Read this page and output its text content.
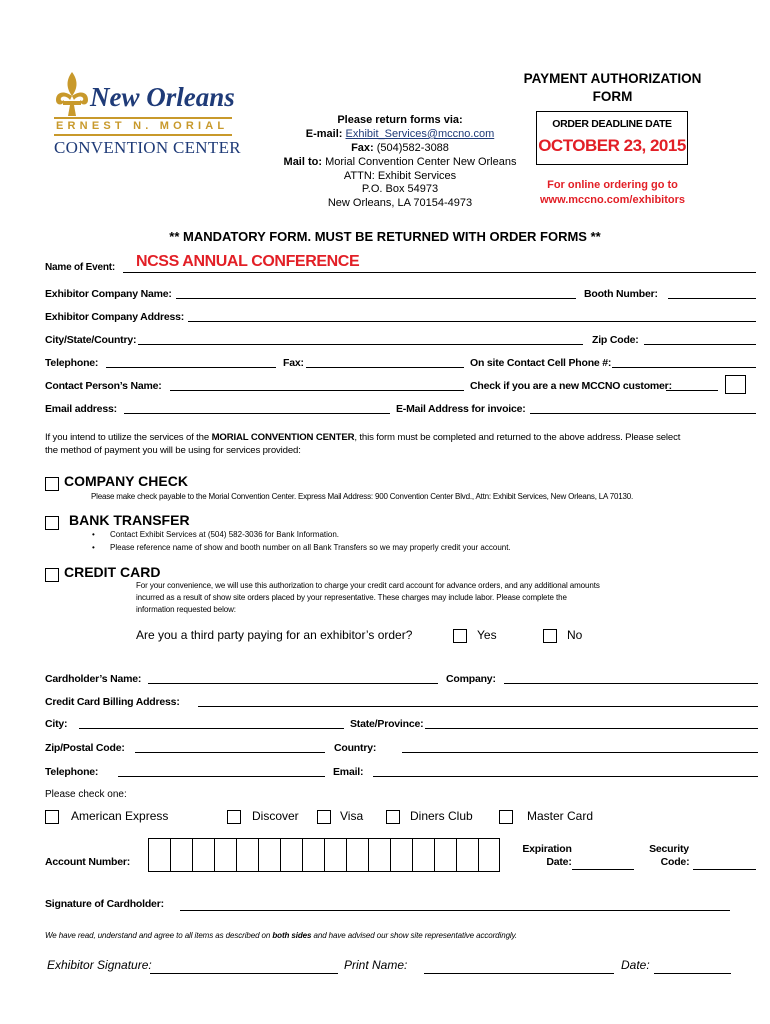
New Orleans
ERNEST N. MORIAL
CONVENTION CENTER
Please return forms via:
E-mail: Exhibit_Services@mccno.com
Fax: (504)582-3088
Mail to: Morial Convention Center New Orleans
ATTN: Exhibit Services
P.O. Box 54973
New Orleans, LA 70154-4973
PAYMENT AUTHORIZATION
FORM
ORDER DEADLINE DATE
OCTOBER 23, 2015
For online ordering go to
www.mccno.com/exhibitors
** MANDATORY FORM. MUST BE RETURNED WITH ORDER FORMS **
Name of Event: NCSS ANNUAL CONFERENCE
Exhibitor Company Name:	Booth Number:
Exhibitor Company Address:
City/State/Country:	Zip Code:
Telephone:	Fax:	On site Contact Cell Phone #:
Contact Person’s Name:	Check if you are a new MCCNO customer:
Email address:	E-Mail Address for invoice:
If you intend to utilize the services of the MORIAL CONVENTION CENTER, this form must be completed and returned to the above address. Please select
the method of payment you will be using for services provided:
COMPANY CHECK
Please make check payable to the Morial Convention Center. Express Mail Address: 900 Convention Center Blvd., Attn: Exhibit Services, New Orleans, LA 70130.
BANK TRANSFER
• Contact Exhibit Services at (504) 582-3036 for Bank Information.
• Please reference name of show and booth number on all Bank Transfers so we may properly credit your account.
CREDIT CARD
For your convenience, we will use this authorization to charge your credit card account for advance orders, and any additional amounts
incurred as a result of show site orders placed by your representative. These charges may include labor. Please complete the
information requested below:
Are you a third party paying for an exhibitor’s order?	Yes	No
Cardholder’s Name:	Company:
Credit Card Billing Address:
City:	State/Province:
Zip/Postal Code:	Country:
Telephone:	Email:
Please check one:
American Express	Discover	Visa	Diners Club	Master Card
Account Number:
Expiration
Date:
Security
Code:
Signature of Cardholder:
We have read, understand and agree to all items as described on both sides and have advised our show site representative accordingly.
Exhibitor Signature:	Print Name:	Date:
